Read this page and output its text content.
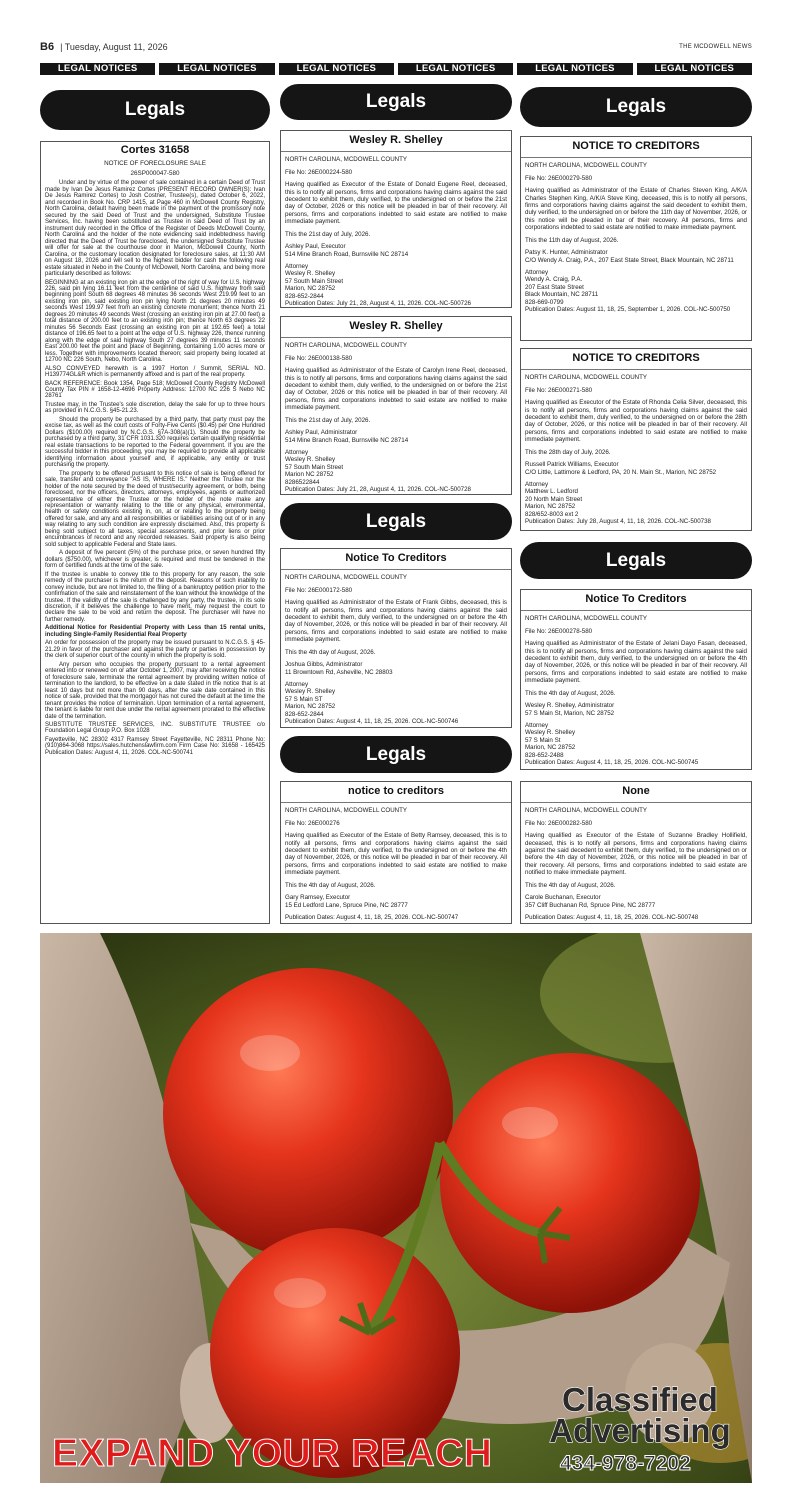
B6 | Tuesday, August 11, 2026	THE MCDOWELL NEWS
LEGAL NOTICES	LEGAL NOTICES	LEGAL NOTICES	LEGAL NOTICES	LEGAL NOTICES	LEGAL NOTICES
Legals	Legals	Legals
Legals
Legals
Legals
Cortes 31658
NOTICE OF FORECLOSURE SALE
26SP000047-580

Under and by virtue of the power of sale contained in a certain Deed of Trust made by Ivan De Jesus Ramirez Cortes (PRESENT RECORD OWNER(S): Ivan De Jesus Ramirez Cortes) to Josh Costner, Trustee(s), dated October 6, 2022, and recorded in Book No. CRP 1415, at Page 460 in McDowell County Registry, North Carolina, default having been made in the payment of the promissory note secured by the said Deed of Trust and the undersigned, Substitute Trustee Services, Inc. having been substituted as Trustee in said Deed of Trust by an instrument duly recorded in the Office of the Register of Deeds McDowell County, North Carolina and the holder of the note evidencing said indebtedness having directed that the Deed of Trust be foreclosed, the undersigned Substitute Trustee will offer for sale at the courthouse door in Marion, McDowell County, North Carolina, or the customary location designated for foreclosure sales, at 11:30 AM on August 18, 2026 and will sell to the highest bidder for cash the following real estate situated in Nebo in the County of McDowell, North Carolina, and being more particularly described as follows:

BEGINNING at an existing iron pin at the edge of the right of way for U.S. highway 226, said pin lying 16.11 feet from the centerline of said U.S. highway from said beginning point South 68 degrees 48 minutes 36 seconds West 219.99 feet to an existing iron pin, said existing iron pin lying North 21 degrees 20 minutes 49 seconds West 199.97 feet from an existing concrete monument; thence North 21 degrees 20 minutes 49 seconds West (crossing an existing iron pin at 27.00 feet) a total distance of 200.00 feet to an existing iron pin; thence North 63 degrees 22 minutes 56 Seconds East (crossing an existing iron pin at 192.65 feet) a total distance of 196.65 feet to a point at the edge of U.S. highway 226, thence running along with the edge of said highway South 27 degrees 39 minutes 11 seconds East 200.00 feet the point and place of Beginning, containing 1.00 acres more or less. Together with improvements located thereon; said property being located at 12700 NC 226 South, Nebo, North Carolina.

ALSO CONVEYED herewith is a 1997 Horton / Summit, SERIAL NO. H139774GL&R which is permanently affixed and is part of the real property.

BACK REFERENCE: Book 1354, Page 518; McDowell County Registry McDowell County Tax PIN # 1658-12-4696 Property Address: 12700 NC 226 S Nebo NC 28761

Trustee may, in the Trustee's sole discretion, delay the sale for up to three hours as provided in N.C.G.S. §45-21.23.

Should the property be purchased by a third party, that party must pay the excise tax, as well as the court costs of Forty-Five Cents ($0.45) per One Hundred Dollars ($100.00) required by N.C.G.S. §7A-308(a)(1). Should the property be purchased by a third party, 31 CFR 1031.320 requires certain qualifying residential real estate transactions to be reported to the Federal government. If you are the successful bidder in this proceeding, you may be required to provide all applicable identifying information about yourself and, if applicable, any entity or trust purchasing the property.

The property to be offered pursuant to this notice of sale is being offered for sale, transfer and conveyance "AS IS, WHERE IS." Neither the Trustee nor the holder of the note secured by the deed of trust/security agreement, or both, being foreclosed, nor the officers, directors, attorneys, employees, agents or authorized representative of either the Trustee or the holder of the note make any representation or warranty relating to the title or any physical, environmental, health or safety conditions existing in, on, at or relating to the property being offered for sale, and any and all responsibilities or liabilities arising out of or in any way relating to any such condition are expressly disclaimed. Also, this property is being sold subject to all taxes, special assessments, and prior liens or prior encumbrances of record and any recorded releases. Said property is also being sold subject to applicable Federal and State laws.

A deposit of five percent (5%) of the purchase price, or seven hundred fifty dollars ($750.00), whichever is greater, is required and must be tendered in the form of certified funds at the time of the sale.

If the trustee is unable to convey title to this property for any reason, the sole remedy of the purchaser is the return of the deposit. Reasons of such inability to convey include, but are not limited to, the filing of a bankruptcy petition prior to the confirmation of the sale and reinstatement of the loan without the knowledge of the trustee. If the validity of the sale is challenged by any party, the trustee, in its sole discretion, if it believes the challenge to have merit, may request the court to declare the sale to be void and return the deposit. The purchaser will have no further remedy.

Additional Notice for Residential Property with Less than 15 rental units, including Single-Family Residential Real Property

An order for possession of the property may be issued pursuant to N.C.G.S. § 45-21.29 in favor of the purchaser and against the party or parties in possession by the clerk of superior court of the county in which the property is sold.

Any person who occupies the property pursuant to a rental agreement entered into or renewed on or after October 1, 2007, may after receiving the notice of foreclosure sale, terminate the rental agreement by providing written notice of termination to the landlord, to be effective on a date stated in the notice that is at least 10 days but not more than 90 days, after the sale date contained in this notice of sale, provided that the mortgagor has not cured the default at the time the tenant provides the notice of termination. Upon termination of a rental agreement, the tenant is liable for rent due under the rental agreement prorated to the effective date of the termination.

SUBSTITUTE TRUSTEE SERVICES, INC. SUBSTITUTE TRUSTEE c/o Foundation Legal Group P.O. Box 1028

Fayetteville, NC 28302 4317 Ramsey Street Fayetteville, NC 28311 Phone No: (910)864-3068 https://sales.hutchenslawfirm.com Firm Case No: 31658 - 165425 Publication Dates: August 4, 11, 2026. COL-NC-500741

Wesley R. Shelley

NORTH CAROLINA, MCDOWELL COUNTY

File No: 26E000224-580

Having qualified as Executor of the Estate of Donald Eugene Reel, deceased, this is to notify all persons, firms and corporations having claims against the said decedent to exhibit them, duly verified, to the undersigned on or before the 21st day of October, 2026 or this notice will be pleaded in bar of their recovery. All persons, firms and corporations indebted to said estate are notified to make immediate payment.

This the 21st day of July, 2026.

Ashley Paul, Executor

514 Mine Branch Road, Burnsville NC 28714

Attorney
Wesley R. Shelley
57 South Main Street
Marion, NC 28752
828-652-2844
Publication Dates: July 21, 28, August 4, 11, 2026. COL-NC-500726
Wesley R. Shelley

NORTH CAROLINA, MCDOWELL COUNTY

File No: 26E000138-580

Having qualified as Administrator of the Estate of Carolyn Irene Reel, deceased, this is to notify all persons, firms and corporations having claims against the said decedent to exhibit them, duly verified, to the undersigned on or before the 21st day of October, 2026 or this notice will be pleaded in bar of their recovery. All persons, firms and corporations indebted to said estate are notified to make immediate payment.

This the 21st day of July, 2026.

Ashley Paul, Administrator

514 Mine Branch Road, Burnsville NC 28714

Attorney
Wesley R. Shelley
57 South Main Street
Marion NC 28752
8286522844
Publication Dates: July 21, 28, August 4, 11, 2026. COL-NC-500728
Notice To Creditors

NORTH CAROLINA, MCDOWELL COUNTY

File No: 26E000172-580

Having qualified as Administrator of the Estate of Frank Gibbs, deceased, this is to notify all persons, firms and corporations having claims against the said decedent to exhibit them, duly verified, to the undersigned on or before the 4th day of November, 2026, or this notice will be pleaded in bar of their recovery. All persons, firms and corporations indebted to said estate are notified to make immediate payment.

This the 4th day of August, 2026.

Joshua Gibbs, Administrator

11 Browntown Rd, Asheville, NC 28803

Attorney
Wesley R. Shelley
57 S Main ST
Marion, NC 28752
828-652-2844
Publication Dates: August 4, 11, 18, 25, 2026. COL-NC-500746
notice to creditors

NORTH CAROLINA, MCDOWELL COUNTY

File No: 26E000276

Having qualified as Executor of the Estate of Betty Ramsey, deceased, this is to notify all persons, firms and corporations having claims against the said decedent to exhibit them, duly verified, to the undersigned on or before the 4th day of November, 2026, or this notice will be pleaded in bar of their recovery. All persons, firms and corporations indebted to said estate are notified to make immediate payment.

This the 4th day of August, 2026.

Gary Ramsey, Executor

15 Ed Ledford Lane, Spruce Pine, NC 28777

Publication Dates: August 4, 11, 18, 25, 2026. COL-NC-500747
NOTICE TO CREDITORS

NORTH CAROLINA, MCDOWELL COUNTY

File No: 26E000279-580

Having qualified as Administrator of the Estate of Charles Steven King, A/K/A Charles Stephen King, A/K/A Steve King, deceased, this is to notify all persons, firms and corporations having claims against the said decedent to exhibit them, duly verified, to the undersigned on or before the 11th day of November, 2026, or this notice will be pleaded in bar of their recovery. All persons, firms and corporations indebted to said estate are notified to make immediate payment.

This the 11th day of August, 2026.

Patsy K. Hunter, Administrator

C/O Wendy A. Craig, P.A., 207 East State Street, Black Mountain, NC 28711

Attorney
Wendy A. Craig, P.A.
207 East State Street
Black Mountain, NC 28711
828-669-0799
Publication Dates: August 11, 18, 25, September 1, 2026. COL-NC-500750
NOTICE TO CREDITORS

NORTH CAROLINA, MCDOWELL COUNTY

File No: 26E000271-580

Having qualified as Executor of the Estate of Rhonda Celia Silver, deceased, this is to notify all persons, firms and corporations having claims against the said decedent to exhibit them, duly verified, to the undersigned on or before the 28th day of October, 2026, or this notice will be pleaded in bar of their recovery. All persons, firms and corporations indebted to said estate are notified to make immediate payment.

This the 28th day of July, 2026.

Russell Patrick Williams, Executor

C/O Little, Lattimore & Ledford, PA, 20 N. Main St., Marion, NC 28752

Attorney
Matthew L. Ledford
20 North Main Street
Marion, NC 28752
828/652-8003 ext 2
Publication Dates: July 28, August 4, 11, 18, 2026. COL-NC-500738
Notice To Creditors

NORTH CAROLINA, MCDOWELL COUNTY

File No: 26E000278-580

Having qualified as Administrator of the Estate of Jelani Dayo Fasan, deceased, this is to notify all persons, firms and corporations having claims against the said decedent to exhibit them, duly verified, to the undersigned on or before the 4th day of November, 2026, or this notice will be pleaded in bar of their recovery. All persons, firms and corporations indebted to said estate are notified to make immediate payment.

This the 4th day of August, 2026.

Wesley R. Shelley, Administrator

57 S Main St, Marion, NC 28752

Attorney
Wesley R. Shelley
57 S Main St
Marion, NC 28752
828-652-2488
Publication Dates: August 4, 11, 18, 25, 2026. COL-NC-500745
None

NORTH CAROLINA, MCDOWELL COUNTY

File No: 26E000282-580

Having qualified as Executor of the Estate of Suzanne Bradley Hollifield, deceased, this is to notify all persons, firms and corporations having claims against the said decedent to exhibit them, duly verified, to the undersigned on or before the 4th day of November, 2026, or this notice will be pleaded in bar of their recovery. All persons, firms and corporations indebted to said estate are notified to make immediate payment.

This the 4th day of August, 2026.

Carole Buchanan, Executor

357 Cliff Buchanan Rd, Spruce Pine, NC 28777

Publication Dates: August 4, 11, 18, 25, 2026. COL-NC-500748
Classified
Advertising
434-978-7202
EXPAND YOUR REACH
